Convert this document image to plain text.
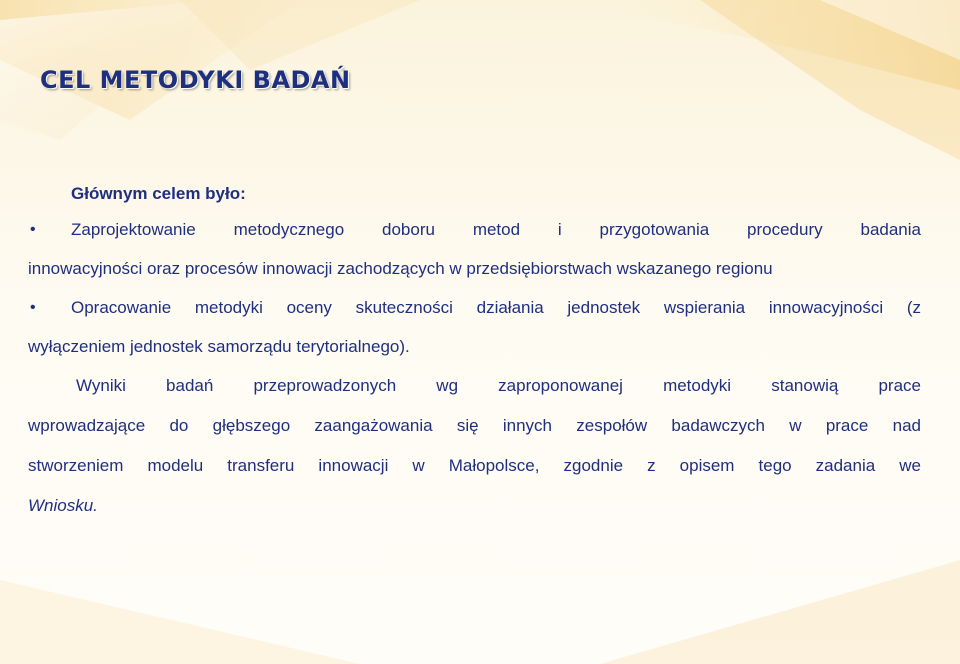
CEL METODYKI BADAŃ
Głównym celem było:
• Zaprojektowanie metodycznego doboru metod i przygotowania procedury badania
innowacyjności oraz procesów innowacji zachodzących w przedsiębiorstwach wskazanego regionu
• Opracowanie metodyki oceny skuteczności działania jednostek wspierania innowacyjności (z
wyłączeniem jednostek samorządu terytorialnego).
Wyniki badań przeprowadzonych wg zaproponowanej metodyki stanowią prace
wprowadzające do głębszego zaangażowania się innych zespołów badawczych w prace nad
stworzeniem modelu transferu innowacji w Małopolsce, zgodnie z opisem tego zadania we
Wniosku.
